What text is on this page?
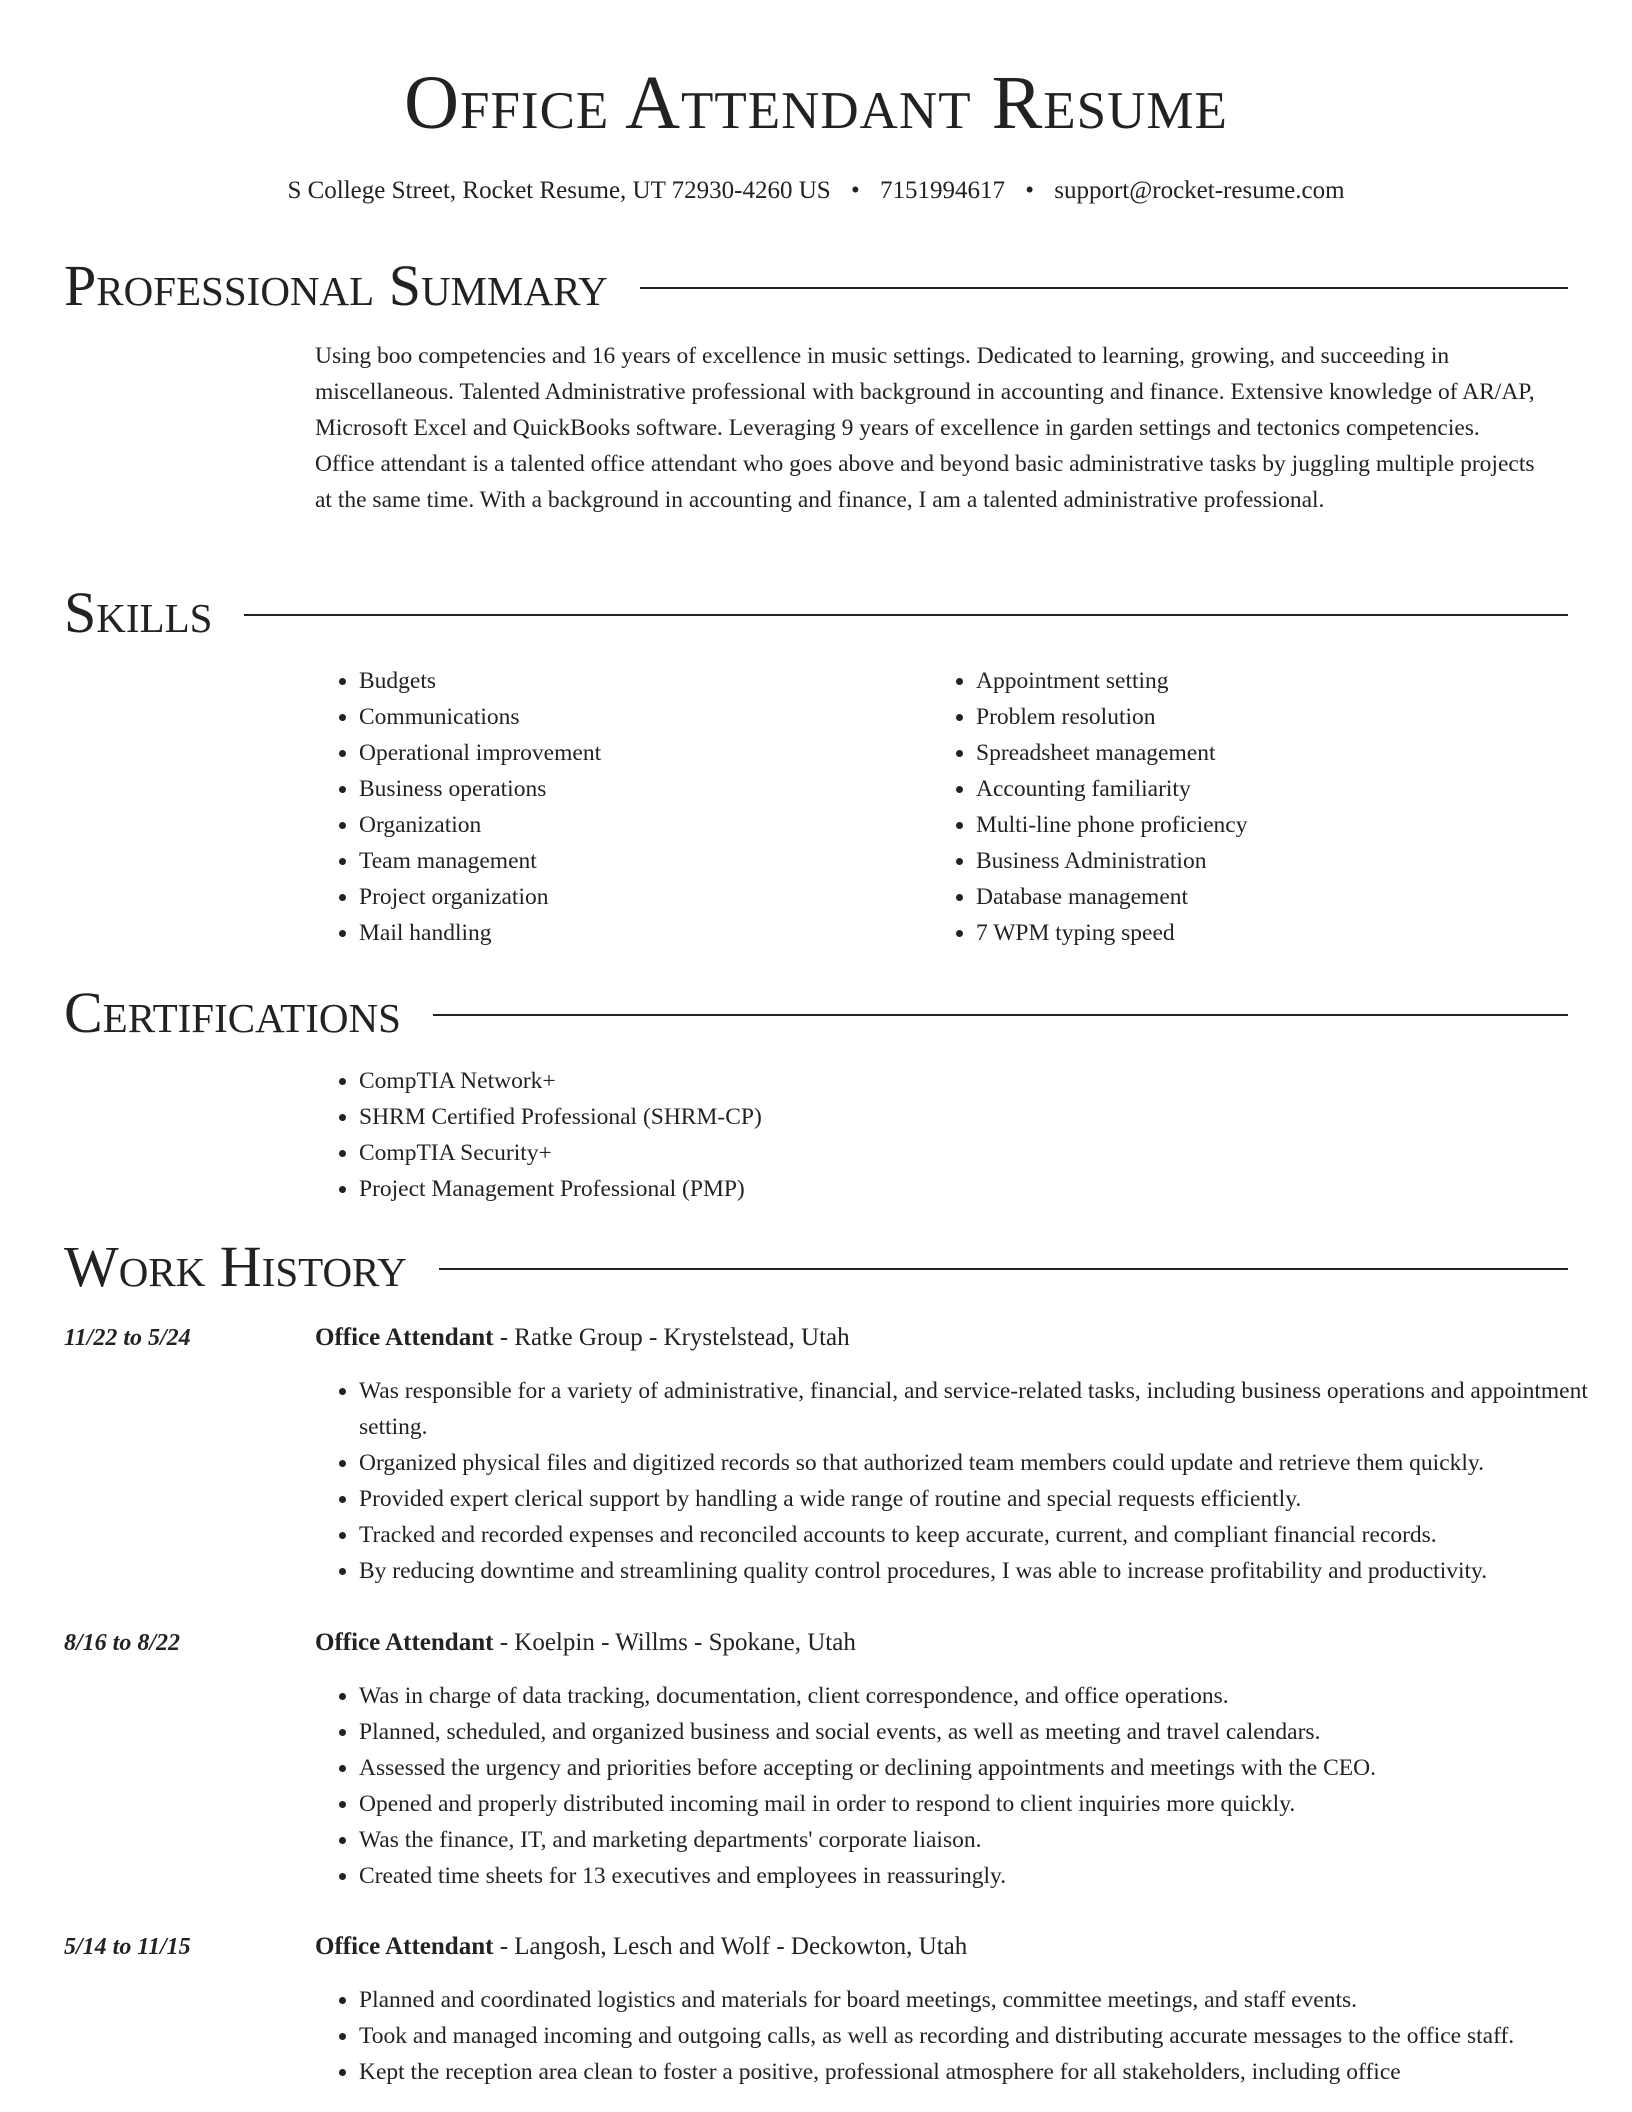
Office Attendant Resume
S College Street, Rocket Resume, UT 72930-4260 US • 7151994617 • support@rocket-resume.com
Professional Summary

Using boo competencies and 16 years of excellence in music settings. Dedicated to learning, growing, and succeeding in miscellaneous. Talented Administrative professional with background in accounting and finance. Extensive knowledge of AR/AP, Microsoft Excel and QuickBooks software. Leveraging 9 years of excellence in garden settings and tectonics competencies. Office attendant is a talented office attendant who goes above and beyond basic administrative tasks by juggling multiple projects at the same time. With a background in accounting and finance, I am a talented administrative professional.

Skills
• Budgets
• Communications
• Operational improvement
• Business operations
• Organization
• Team management
• Project organization
• Mail handling
• Appointment setting
• Problem resolution
• Spreadsheet management
• Accounting familiarity
• Multi-line phone proficiency
• Business Administration
• Database management
• 7 WPM typing speed
Certifications
• CompTIA Network+
• SHRM Certified Professional (SHRM-CP)
• CompTIA Security+
• Project Management Professional (PMP)
Work History
11/22 to 5/24	Office Attendant - Ratke Group - Krystelstead, Utah
• Was responsible for a variety of administrative, financial, and service-related tasks, including business operations and appointment setting.
• Organized physical files and digitized records so that authorized team members could update and retrieve them quickly.
• Provided expert clerical support by handling a wide range of routine and special requests efficiently.
• Tracked and recorded expenses and reconciled accounts to keep accurate, current, and compliant financial records.
• By reducing downtime and streamlining quality control procedures, I was able to increase profitability and productivity.
8/16 to 8/22	Office Attendant - Koelpin - Willms - Spokane, Utah
• Was in charge of data tracking, documentation, client correspondence, and office operations.
• Planned, scheduled, and organized business and social events, as well as meeting and travel calendars.
• Assessed the urgency and priorities before accepting or declining appointments and meetings with the CEO.
• Opened and properly distributed incoming mail in order to respond to client inquiries more quickly.
• Was the finance, IT, and marketing departments' corporate liaison.
• Created time sheets for 13 executives and employees in reassuringly.
5/14 to 11/15	Office Attendant - Langosh, Lesch and Wolf - Deckowton, Utah
• Planned and coordinated logistics and materials for board meetings, committee meetings, and staff events.
• Took and managed incoming and outgoing calls, as well as recording and distributing accurate messages to the office staff.
• Kept the reception area clean to foster a positive, professional atmosphere for all stakeholders, including office
